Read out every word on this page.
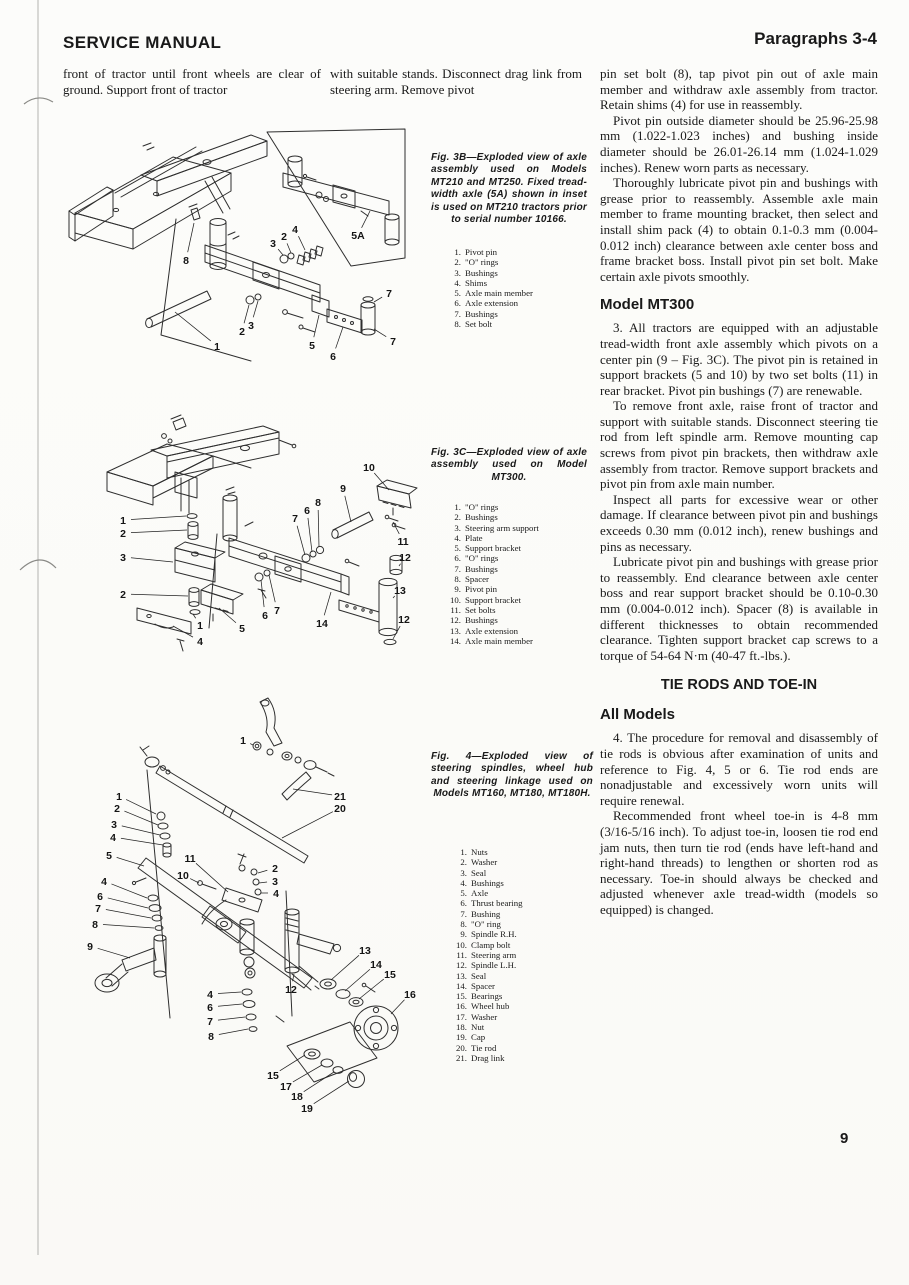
SERVICE MANUAL	Paragraphs 3-4
front of tractor until front wheels are clear of ground. Support front of tractor
with suitable stands. Disconnect drag link from steering arm. Remove pivot
8
3
2
4	5A
1
2 3
5
6
7
7
Fig. 3B—Exploded view of axle assembly used on Models MT210 and MT250. Fixed tread-width axle (5A) shown in inset is used on MT210 tractors prior to serial number 10166.
1. Pivot pin
2. "O" rings
3. Bushings
4. Shims
5. Axle main member
6. Axle extension
7. Bushings
8. Set bolt
1
2
3
2
1
4
5
6 7
7
6
8
9
10
11
12
13
14	12
Fig. 3C—Exploded view of axle assembly used on Model MT300.
1. "O" rings
2. Bushings
3. Steering arm support
4. Plate
5. Support bracket
6. "O" rings
7. Bushings
8. Spacer
9. Pivot pin
10. Support bracket
11. Set bolts
12. Bushings
13. Axle extension
14. Axle main member
1
21
20
1
2
3
4
5	11
10
2
3
4
4
6
7
8
9
4
6
7
8
12
13
14
15
16
15
17
18
19
Fig. 4—Exploded view of steering spindles, wheel hub and steering linkage used on Models MT160, MT180, MT180H.
1. Nuts
2. Washer
3. Seal
4. Bushings
5. Axle
6. Thrust bearing
7. Bushing
8. "O" ring
9. Spindle R.H.
10. Clamp bolt
11. Steering arm
12. Spindle L.H.
13. Seal
14. Spacer
15. Bearings
16. Wheel hub
17. Washer
18. Nut
19. Cap
20. Tie rod
21. Drag link
pin set bolt (8), tap pivot pin out of axle main member and withdraw axle assembly from tractor. Retain shims (4) for use in reassembly.
Pivot pin outside diameter should be 25.96-25.98 mm (1.022-1.023 inches) and bushing inside diameter should be 26.01-26.14 mm (1.024-1.029 inches). Renew worn parts as necessary.
Thoroughly lubricate pivot pin and bushings with grease prior to reassembly. Assemble axle main member to frame mounting bracket, then select and install shim pack (4) to obtain 0.1-0.3 mm (0.004-0.012 inch) clearance between axle center boss and frame bracket boss. Install pivot pin set bolt. Make certain axle pivots smoothly.
Model MT300
3. All tractors are equipped with an adjustable tread-width front axle assembly which pivots on a center pin (9 – Fig. 3C). The pivot pin is retained in support brackets (5 and 10) by two set bolts (11) in rear bracket. Pivot pin bushings (7) are renewable.
To remove front axle, raise front of tractor and support with suitable stands. Disconnect steering tie rod from left spindle arm. Remove mounting cap screws from pivot pin brackets, then withdraw axle assembly from tractor. Remove support brackets and pivot pin from axle main number.
Inspect all parts for excessive wear or other damage. If clearance between pivot pin and bushings exceeds 0.30 mm (0.012 inch), renew bushings and pins as necessary.
Lubricate pivot pin and bushings with grease prior to reassembly. End clearance between axle center boss and rear support bracket should be 0.10-0.30 mm (0.004-0.012 inch). Spacer (8) is available in different thicknesses to obtain recommended clearance. Tighten support bracket cap screws to a torque of 54-64 N·m (40-47 ft.-lbs.).
TIE RODS AND TOE-IN
All Models
4. The procedure for removal and disassembly of tie rods is obvious after examination of units and reference to Fig. 4, 5 or 6. Tie rod ends are nonadjustable and excessively worn units will require renewal.
Recommended front wheel toe-in is 4-8 mm (3/16-5/16 inch). To adjust toe-in, loosen tie rod end jam nuts, then turn tie rod (ends have left-hand and right-hand threads) to lengthen or shorten rod as necessary. Toe-in should always be checked and adjusted whenever axle tread-width (models so equipped) is changed.
9
